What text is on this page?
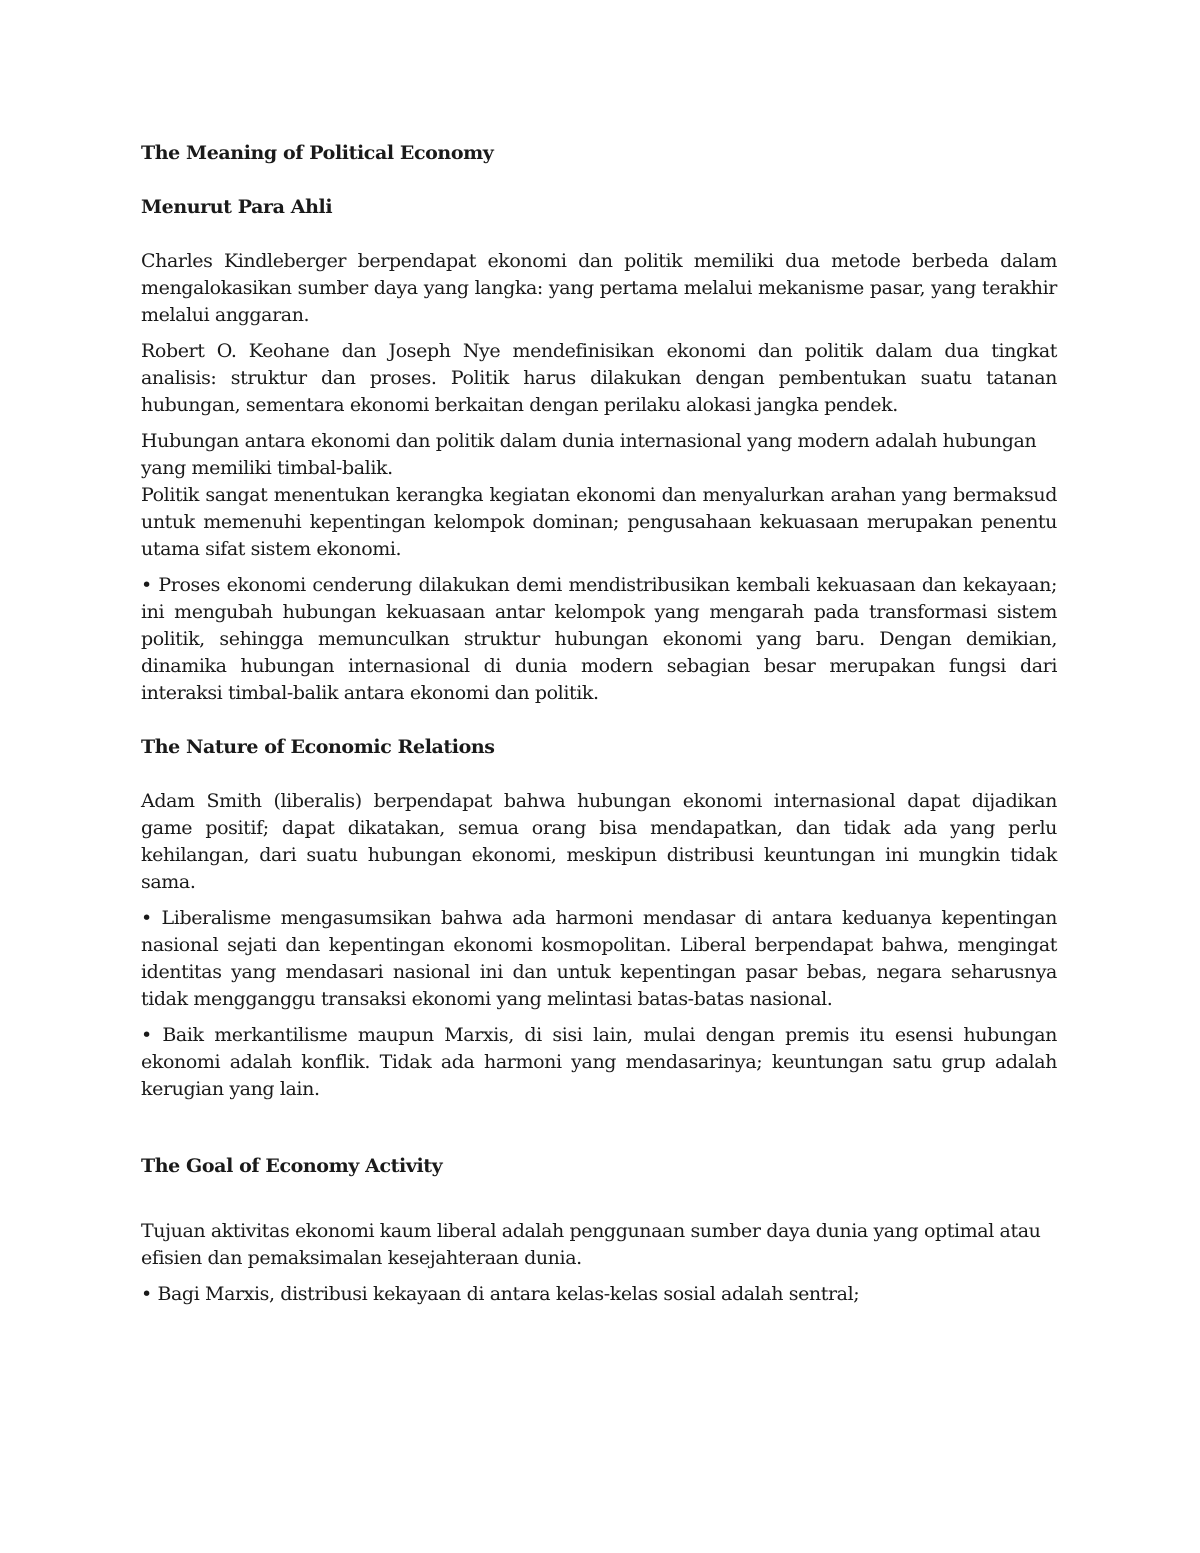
The Meaning of Political Economy

Menurut Para Ahli

Charles Kindleberger berpendapat ekonomi dan politik memiliki dua metode berbeda dalam mengalokasikan sumber daya yang langka: yang pertama melalui mekanisme pasar, yang terakhir melalui anggaran.

Robert O. Keohane dan Joseph Nye mendefinisikan ekonomi dan politik dalam dua tingkat analisis: struktur dan proses. Politik harus dilakukan dengan pembentukan suatu tatanan hubungan, sementara ekonomi berkaitan dengan perilaku alokasi jangka pendek.

Hubungan antara ekonomi dan politik dalam dunia internasional yang modern adalah hubungan yang memiliki timbal-balik.

Politik sangat menentukan kerangka kegiatan ekonomi dan menyalurkan arahan yang bermaksud untuk memenuhi kepentingan kelompok dominan; pengusahaan kekuasaan merupakan penentu utama sifat sistem ekonomi.

• Proses ekonomi cenderung dilakukan demi mendistribusikan kembali kekuasaan dan kekayaan; ini mengubah hubungan kekuasaan antar kelompok yang mengarah pada transformasi sistem politik, sehingga memunculkan struktur hubungan ekonomi yang baru. Dengan demikian, dinamika hubungan internasional di dunia modern sebagian besar merupakan fungsi dari interaksi timbal-balik antara ekonomi dan politik.

The Nature of Economic Relations

Adam Smith (liberalis) berpendapat bahwa hubungan ekonomi internasional dapat dijadikan game positif; dapat dikatakan, semua orang bisa mendapatkan, dan tidak ada yang perlu kehilangan, dari suatu hubungan ekonomi, meskipun distribusi keuntungan ini mungkin tidak sama.

• Liberalisme mengasumsikan bahwa ada harmoni mendasar di antara keduanya kepentingan nasional sejati dan kepentingan ekonomi kosmopolitan. Liberal berpendapat bahwa, mengingat identitas yang mendasari nasional ini dan untuk kepentingan pasar bebas, negara seharusnya tidak mengganggu transaksi ekonomi yang melintasi batas-batas nasional.

• Baik merkantilisme maupun Marxis, di sisi lain, mulai dengan premis itu esensi hubungan ekonomi adalah konflik. Tidak ada harmoni yang mendasarinya; keuntungan satu grup adalah kerugian yang lain.

The Goal of Economy Activity

Tujuan aktivitas ekonomi kaum liberal adalah penggunaan sumber daya dunia yang optimal atau efisien dan pemaksimalan kesejahteraan dunia.

• Bagi Marxis, distribusi kekayaan di antara kelas-kelas sosial adalah sentral;
